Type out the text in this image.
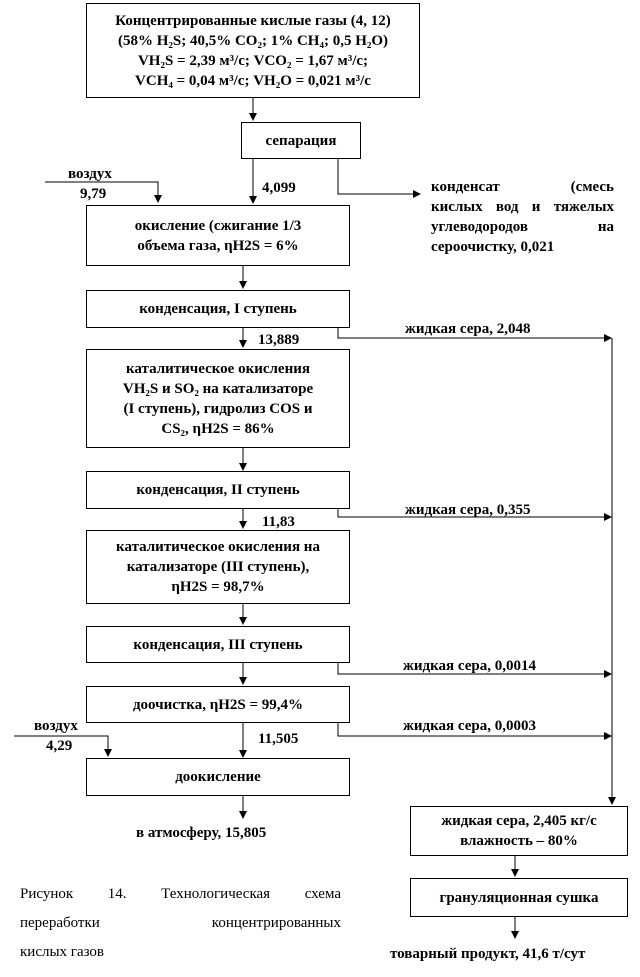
Концентрированные кислые газы (4, 12)
(58% H₂S; 40,5% CO₂; 1% CH₄; 0,5 H₂O)
VH₂S = 2,39 м³/с; VCO₂ = 1,67 м³/с;
VCH₄ = 0,04 м³/с; VH₂O = 0,021 м³/с
сепарация
окисление (сжигание 1/3
объема газа, ηH2S = 6%
конденсация, I ступень
каталитическое окисления
VH₂S и SO₂ на катализаторе
(I ступень), гидролиз COS и
CS₂, ηH2S = 86%
конденсация, II ступень
каталитическое окисления на
катализаторе (III ступень),
ηH2S = 98,7%
конденсация, III ступень
доочистка, ηH2S = 99,4%
доокисление
жидкая сера, 2,405 кг/с
влажность – 80%
грануляционная сушка
воздух
9,79	4,099	конденсат (смесь
кислых вод и тяжелых
углеводородов на
сероочистку, 0,021
13,889
жидкая сера, 2,048
жидкая сера, 0,355
11,83
жидкая сера, 0,0014
воздух
4,29
жидкая сера, 0,0003
11,505
в атмосферу, 15,805
товарный продукт, 41,6 т/сут
Рисунок 14. Технологическая схема
переработки концентрированных
кислых газов
